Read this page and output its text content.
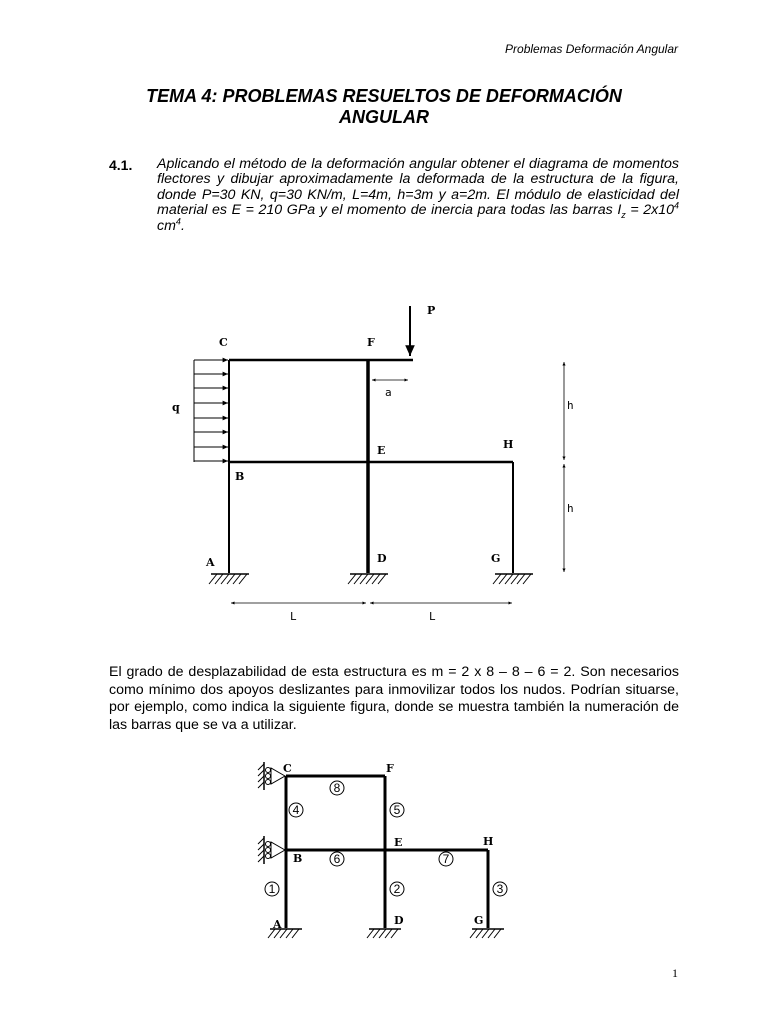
Problemas Deformación Angular
TEMA 4: PROBLEMAS RESUELTOS DE DEFORMACIÓN
ANGULAR
4.1. Aplicando el método de la deformación angular obtener el diagrama de momentos flectores y dibujar aproximadamente la deformada de la estructura de la figura, donde P=30 KN, q=30 KN/m, L=4m, h=3m y a=2m. El módulo de elasticidad del material es E = 210 GPa y el momento de inercia para todas las barras $I_z = 2x10^4$ $cm^4$.
P
C	F
a
q	h
E	H
B
h
A	D	G
L	L
El grado de desplazabilidad de esta estructura es m = 2 x 8 – 8 – 6 = 2. Son necesarios como mínimo dos apoyos deslizantes para inmovilizar todos los nudos. Podrían situarse, por ejemplo, como indica la siguiente figura, donde se muestra también la numeración de las barras que se va a utilizar.
C	F
E	H
B
A	D	G
8
4	5
6	7
1	2	3
1
